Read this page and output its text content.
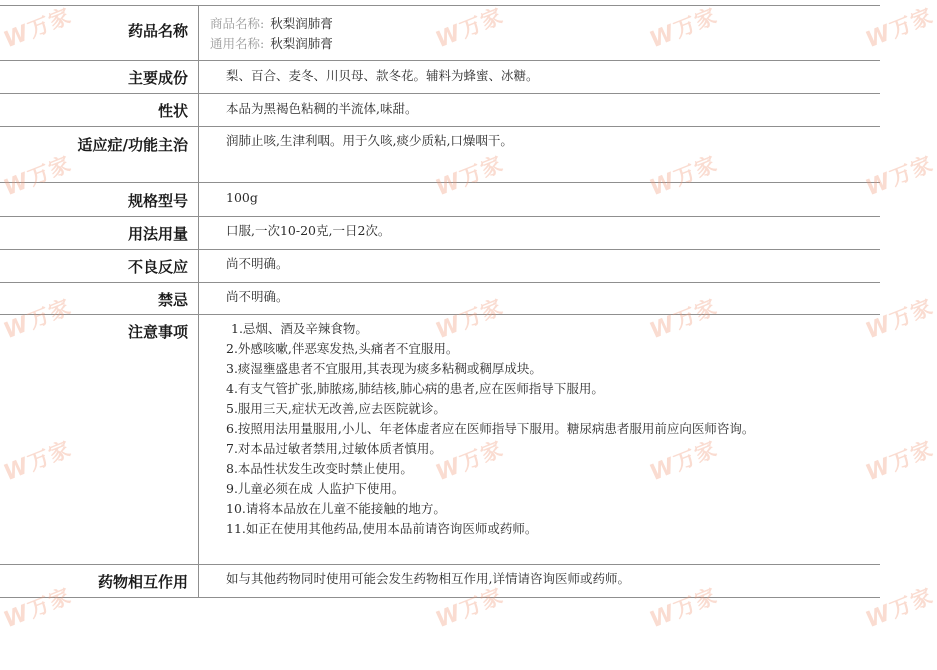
药品名称	商品名称: 秋梨润肺膏
通用名称: 秋梨润肺膏
主要成份	梨、百合、麦冬、川贝母、款冬花。辅料为蜂蜜、冰糖。
性状	本品为黑褐色粘稠的半流体,味甜。
适应症/功能主治	润肺止咳,生津利咽。用于久咳,痰少质粘,口燥咽干。
规格型号	100g
用法用量	口服,一次10-20克,一日2次。
不良反应	尚不明确。
禁忌	尚不明确。
注意事项	1.忌烟、酒及辛辣食物。
2.外感咳嗽,伴恶寒发热,头痛者不宜服用。
3.痰湿壅盛患者不宜服用,其表现为痰多粘稠或稠厚成块。
4.有支气管扩张,肺脓疡,肺结核,肺心病的患者,应在医师指导下服用。
5.服用三天,症状无改善,应去医院就诊。
6.按照用法用量服用,小儿、年老体虚者应在医师指导下服用。糖尿病患者服用前应向医师咨询。
7.对本品过敏者禁用,过敏体质者慎用。
8.本品性状发生改变时禁止使用。
9.儿童必须在成 人监护下使用。
10.请将本品放在儿童不能接触的地方。
11.如正在使用其他药品,使用本品前请咨询医师或药师。
药物相互作用	如与其他药物同时使用可能会发生药物相互作用,详情请咨询医师或药师。
W万家	W万家	W万家	W万家
W万家	W万家	W万家	W万家
W万家	W万家	W万家	W万家
W万家	W万家	W万家	W万家
W万家	W万家	W万家	W万家
